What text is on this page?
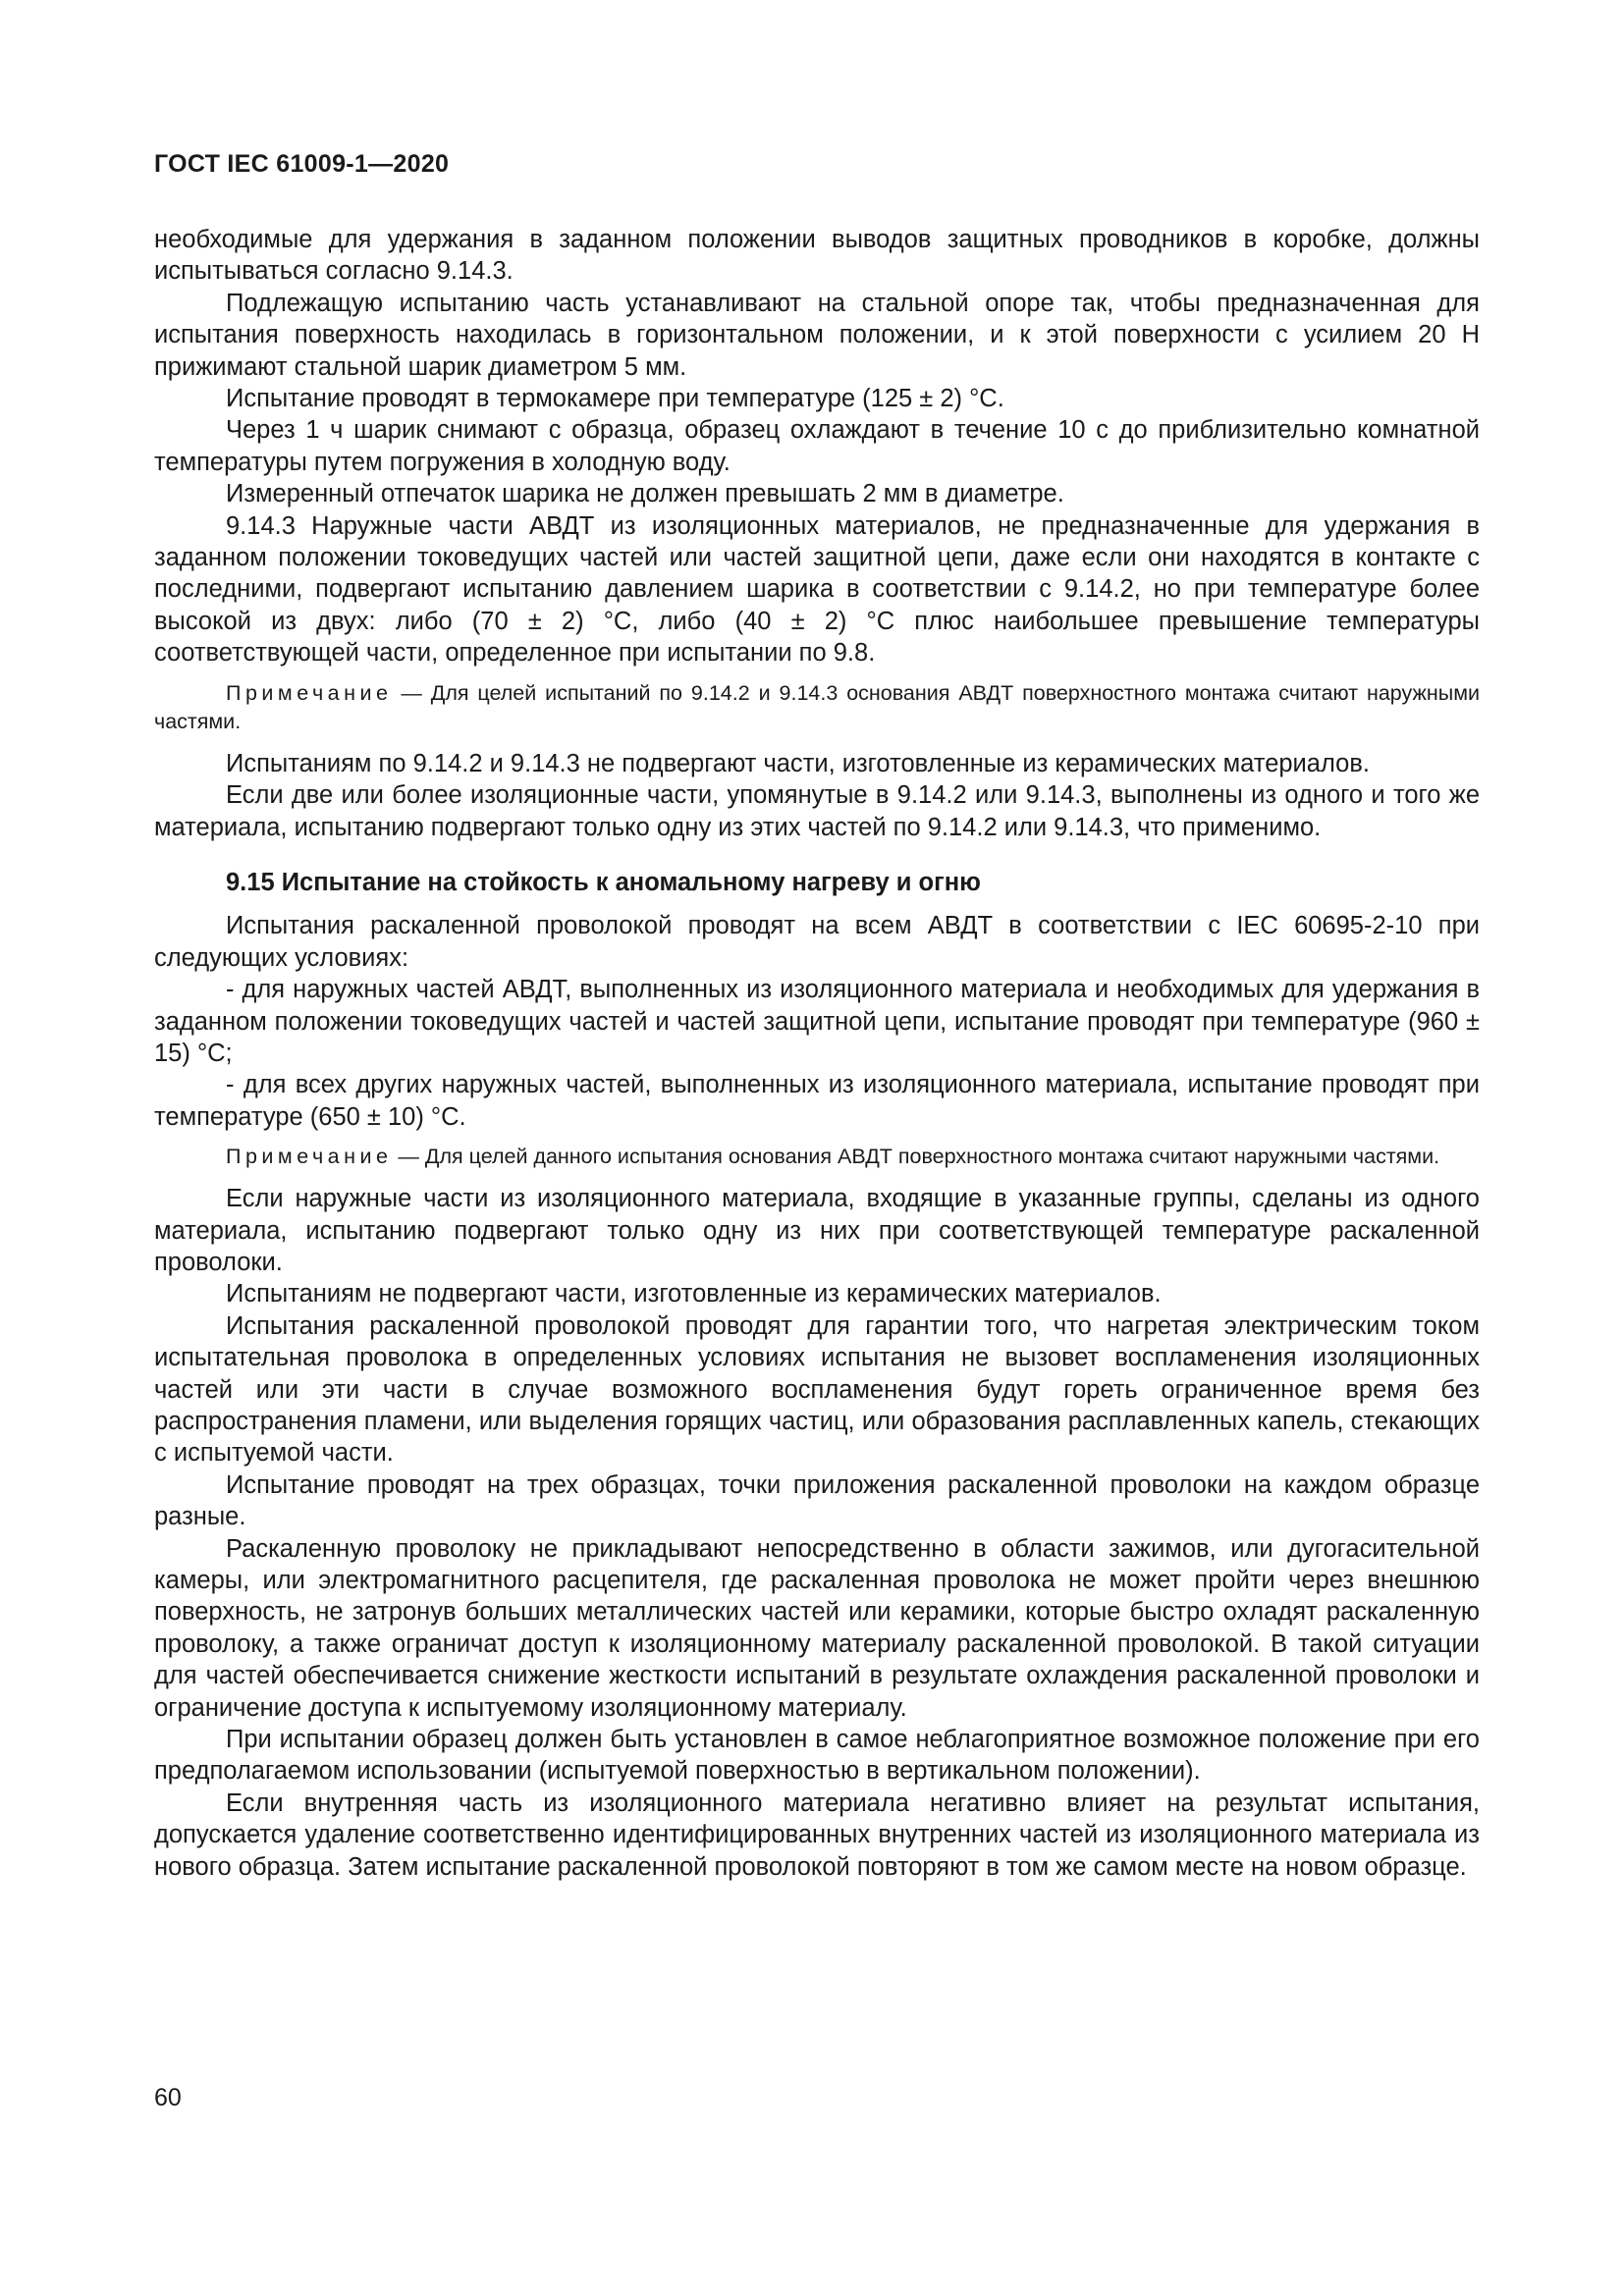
ГОСТ IEC 61009-1—2020

необходимые для удержания в заданном положении выводов защитных проводников в коробке, должны испытываться согласно 9.14.3.

Подлежащую испытанию часть устанавливают на стальной опоре так, чтобы предназначенная для испытания поверхность находилась в горизонтальном положении, и к этой поверхности с усилием 20 Н прижимают стальной шарик диаметром 5 мм.

Испытание проводят в термокамере при температуре (125 ± 2) °С.

Через 1 ч шарик снимают с образца, образец охлаждают в течение 10 с до приблизительно комнатной температуры путем погружения в холодную воду.

Измеренный отпечаток шарика не должен превышать 2 мм в диаметре.

9.14.3 Наружные части АВДТ из изоляционных материалов, не предназначенные для удержания в заданном положении токоведущих частей или частей защитной цепи, даже если они находятся в контакте с последними, подвергают испытанию давлением шарика в соответствии с 9.14.2, но при температуре более высокой из двух: либо (70 ± 2) °С, либо (40 ± 2) °С плюс наибольшее превышение температуры соответствующей части, определенное при испытании по 9.8.

Примечание — Для целей испытаний по 9.14.2 и 9.14.3 основания АВДТ поверхностного монтажа считают наружными частями.

Испытаниям по 9.14.2 и 9.14.3 не подвергают части, изготовленные из керамических материалов.

Если две или более изоляционные части, упомянутые в 9.14.2 или 9.14.3, выполнены из одного и того же материала, испытанию подвергают только одну из этих частей по 9.14.2 или 9.14.3, что применимо.

9.15 Испытание на стойкость к аномальному нагреву и огню

Испытания раскаленной проволокой проводят на всем АВДТ в соответствии с IEC 60695-2-10 при следующих условиях:

- для наружных частей АВДТ, выполненных из изоляционного материала и необходимых для удержания в заданном положении токоведущих частей и частей защитной цепи, испытание проводят при температуре (960 ± 15) °С;

- для всех других наружных частей, выполненных из изоляционного материала, испытание проводят при температуре (650 ± 10) °С.

Примечание — Для целей данного испытания основания АВДТ поверхностного монтажа считают наружными частями.

Если наружные части из изоляционного материала, входящие в указанные группы, сделаны из одного материала, испытанию подвергают только одну из них при соответствующей температуре раскаленной проволоки.

Испытаниям не подвергают части, изготовленные из керамических материалов.

Испытания раскаленной проволокой проводят для гарантии того, что нагретая электрическим током испытательная проволока в определенных условиях испытания не вызовет воспламенения изоляционных частей или эти части в случае возможного воспламенения будут гореть ограниченное время без распространения пламени, или выделения горящих частиц, или образования расплавленных капель, стекающих с испытуемой части.

Испытание проводят на трех образцах, точки приложения раскаленной проволоки на каждом образце разные.

Раскаленную проволоку не прикладывают непосредственно в области зажимов, или дугогасительной камеры, или электромагнитного расцепителя, где раскаленная проволока не может пройти через внешнюю поверхность, не затронув больших металлических частей или керамики, которые быстро охладят раскаленную проволоку, а также ограничат доступ к изоляционному материалу раскаленной проволокой. В такой ситуации для частей обеспечивается снижение жесткости испытаний в результате охлаждения раскаленной проволоки и ограничение доступа к испытуемому изоляционному материалу.

При испытании образец должен быть установлен в самое неблагоприятное возможное положение при его предполагаемом использовании (испытуемой поверхностью в вертикальном положении).

Если внутренняя часть из изоляционного материала негативно влияет на результат испытания, допускается удаление соответственно идентифицированных внутренних частей из изоляционного материала из нового образца. Затем испытание раскаленной проволокой повторяют в том же самом месте на новом образце.

60
